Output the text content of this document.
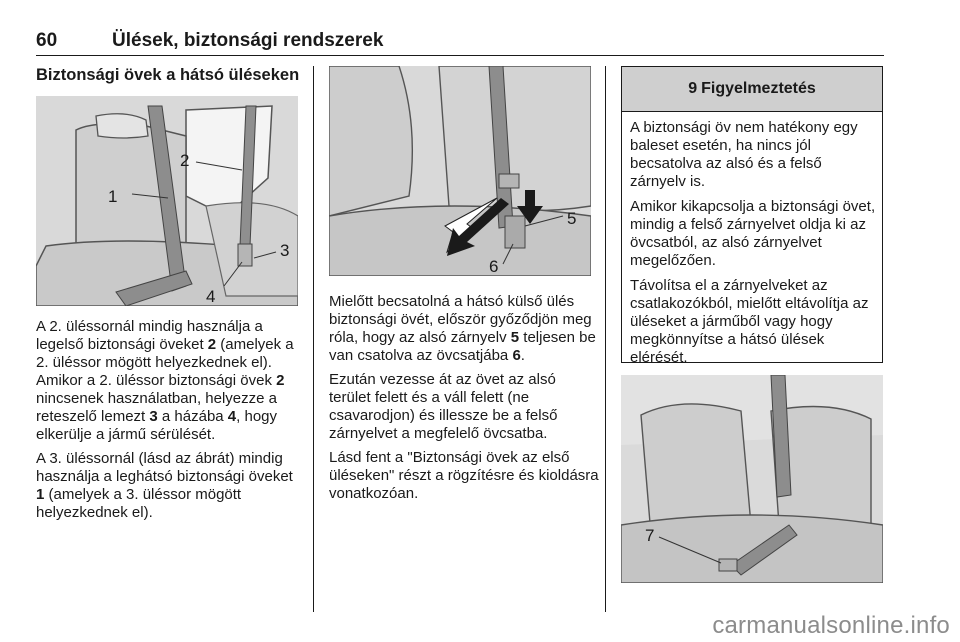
60	Ülések, biztonsági rendszerek
Biztonsági övek a hátsó üléseken
2
1
3
4

A 2. üléssornál mindig használja a legelső biztonsági öveket 2 (amelyek a 2. üléssor mögött helyezkednek el). Amikor a 2. üléssor biztonsági övek 2 nincsenek használatban, helyezze a reteszelő lemezt 3 a házába 4, hogy elkerülje a jármű sérülését.

A 3. üléssornál (lásd az ábrát) mindig használja a leghátsó biztonsági öveket 1 (amelyek a 3. üléssor mögött helyezkednek el).

5
6

Mielőtt becsatolná a hátsó külső ülés biztonsági övét, először győződjön meg róla, hogy az alsó zárnyelv 5 teljesen be van csatolva az övcsatjába 6.

Ezután vezesse át az övet az alsó terület felett és a váll felett (ne csavarodjon) és illessze be a felső zárnyelvet a megfelelő övcsatba.

Lásd fent a "Biztonsági övek az első üléseken" részt a rögzítésre és kioldásra vonatkozóan.

9 Figyelmeztetés

A biztonsági öv nem hatékony egy baleset esetén, ha nincs jól becsatolva az alsó és a felső zárnyelv is.

Amikor kikapcsolja a biztonsági övet, mindig a felső zárnyelvet oldja ki az övcsatból, az alsó zárnyelvet megelőzően.

Távolítsa el a zárnyelveket az csatlakozókból, mielőtt eltávolítja az üléseket a járműből vagy hogy megkönnyítse a hátsó ülések elérését.

7
carmanualsonline.info
